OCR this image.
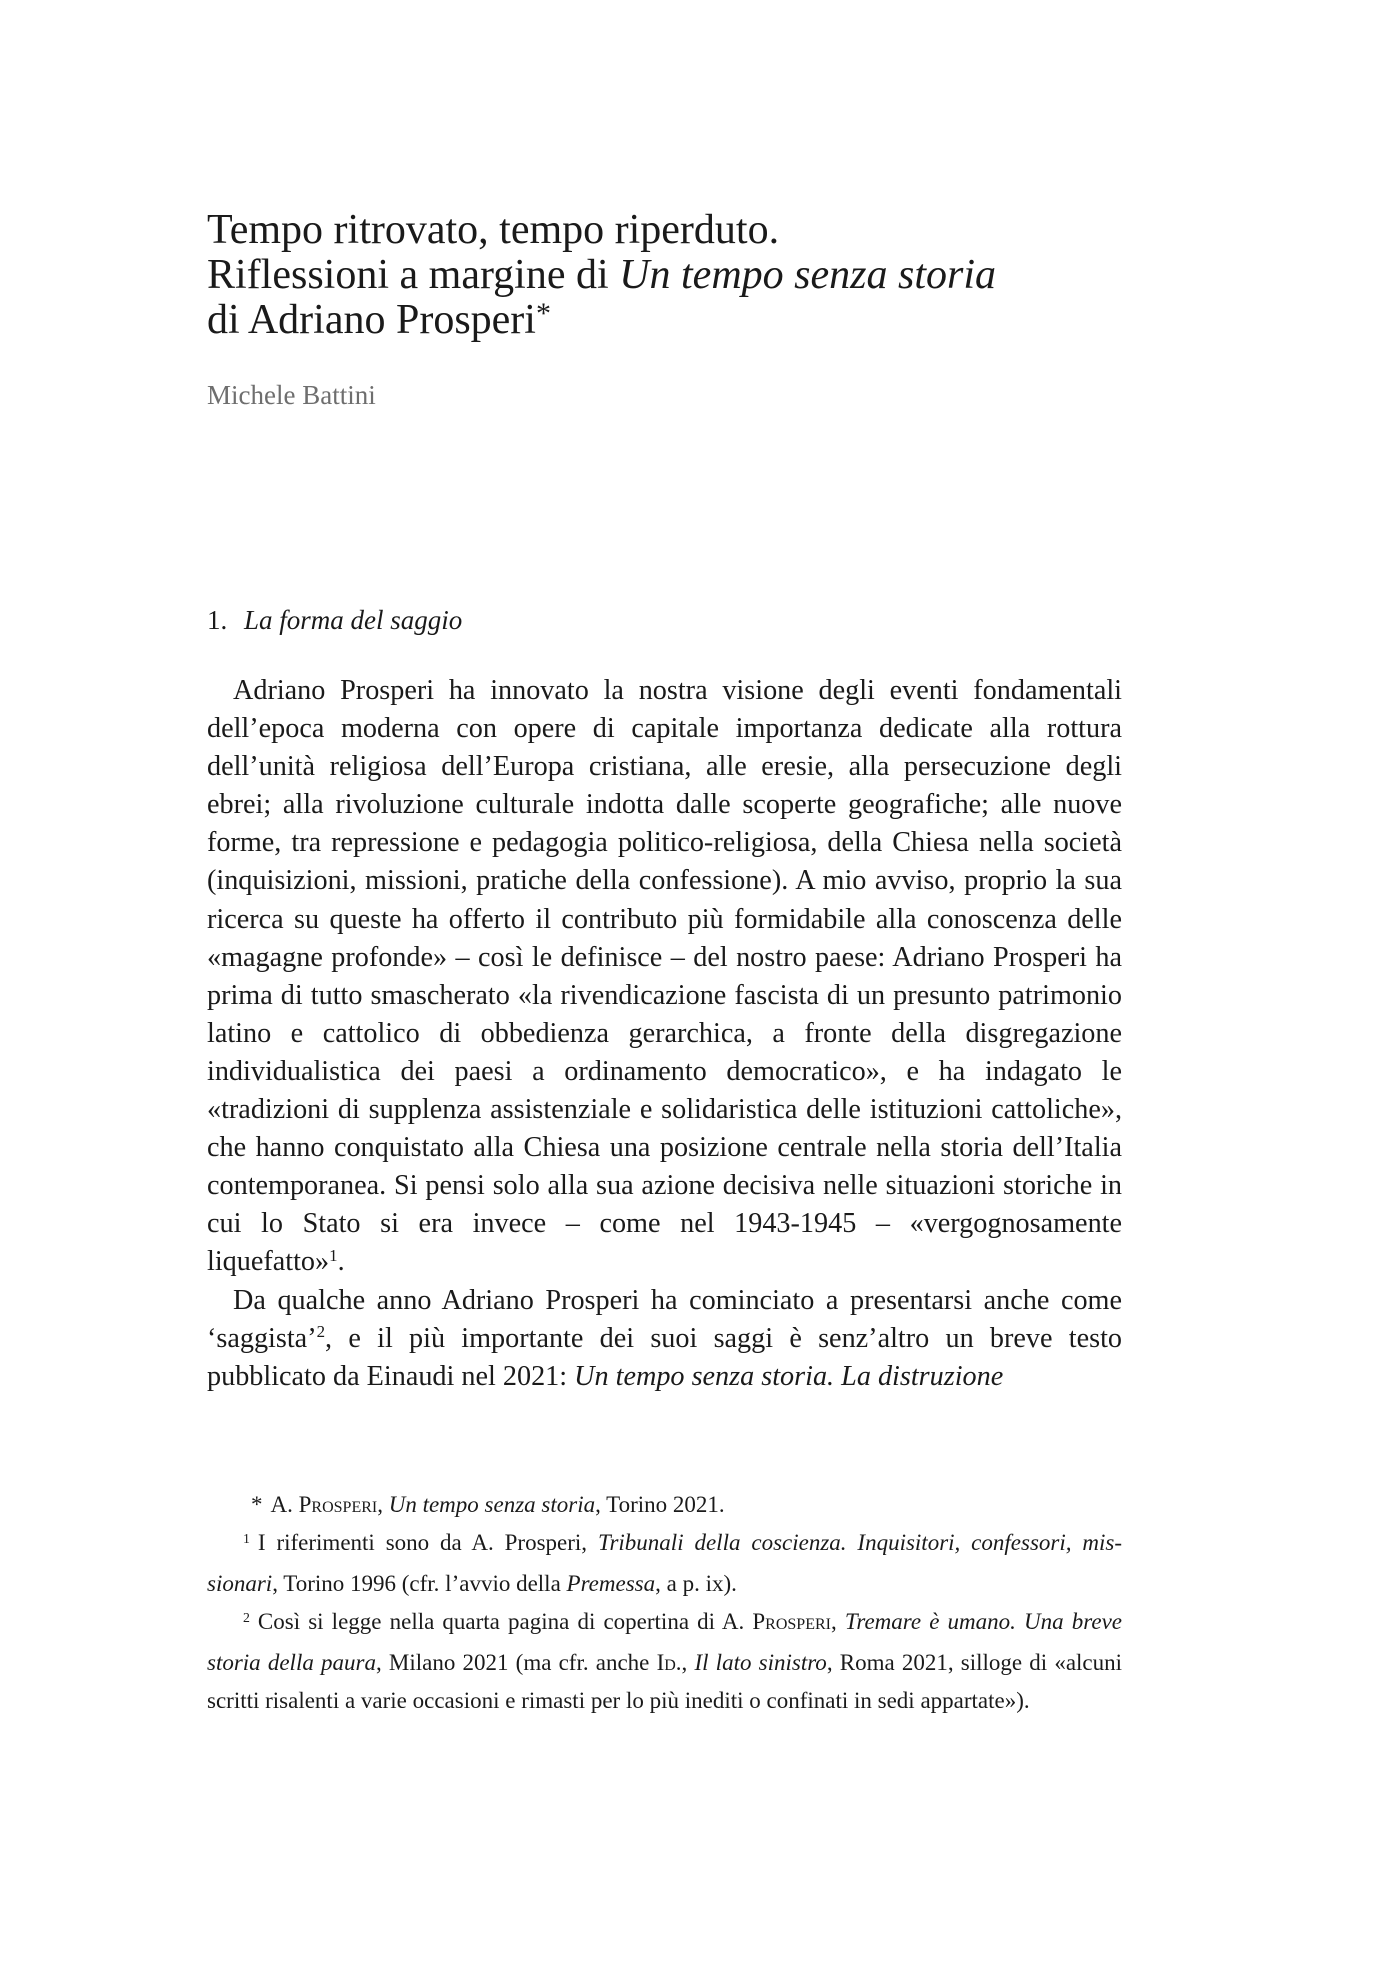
Tempo ritrovato, tempo riperduto.
Riflessioni a margine di Un tempo senza storia
di Adriano Prosperi*
Michele Battini
1. La forma del saggio

Adriano Prosperi ha innovato la nostra visione degli eventi fondamentali dell’epoca moderna con opere di capitale importanza dedicate alla rottura dell’unità religiosa dell’Europa cristiana, alle eresie, alla persecuzione degli ebrei; alla rivoluzione culturale indotta dalle scoperte geografiche; alle nuove forme, tra repressione e pedagogia politico-religiosa, della Chiesa nella società (inquisizioni, missioni, pratiche della confessione). A mio avviso, proprio la sua ricerca su queste ha offerto il contributo più formidabile alla conoscenza delle «magagne profonde» – così le definisce – del nostro paese: Adriano Prosperi ha prima di tutto smascherato «la rivendicazione fascista di un presunto patrimonio latino e cattolico di obbedienza gerarchica, a fronte della disgregazione individualistica dei paesi a ordinamento democratico», e ha indagato le «tradizioni di supplenza assistenziale e solidaristica delle istituzioni cattoliche», che hanno conquistato alla Chiesa una posizione centrale nella storia dell’Italia contemporanea. Si pensi solo alla sua azione decisiva nelle situazioni storiche in cui lo Stato si era invece – come nel 1943-1945 – «vergognosamente liquefatto»$^1$.

Da qualche anno Adriano Prosperi ha cominciato a presentarsi anche come ‘saggista’$^2$, e il più importante dei suoi saggi è senz’altro un breve testo pubblicato da Einaudi nel 2021: Un tempo senza storia. La distruzione

* A. Prosperi, Un tempo senza storia, Torino 2021.

$^1$ I riferimenti sono da A. Prosperi, Tribunali della coscienza. Inquisitori, confessori, missionari, Torino 1996 (cfr. l’avvio della Premessa, a p. ix).

$^2$ Così si legge nella quarta pagina di copertina di A. Prosperi, Tremare è umano. Una breve storia della paura, Milano 2021 (ma cfr. anche Id., Il lato sinistro, Roma 2021, silloge di «alcuni scritti risalenti a varie occasioni e rimasti per lo più inediti o confinati in sedi appartate»).
